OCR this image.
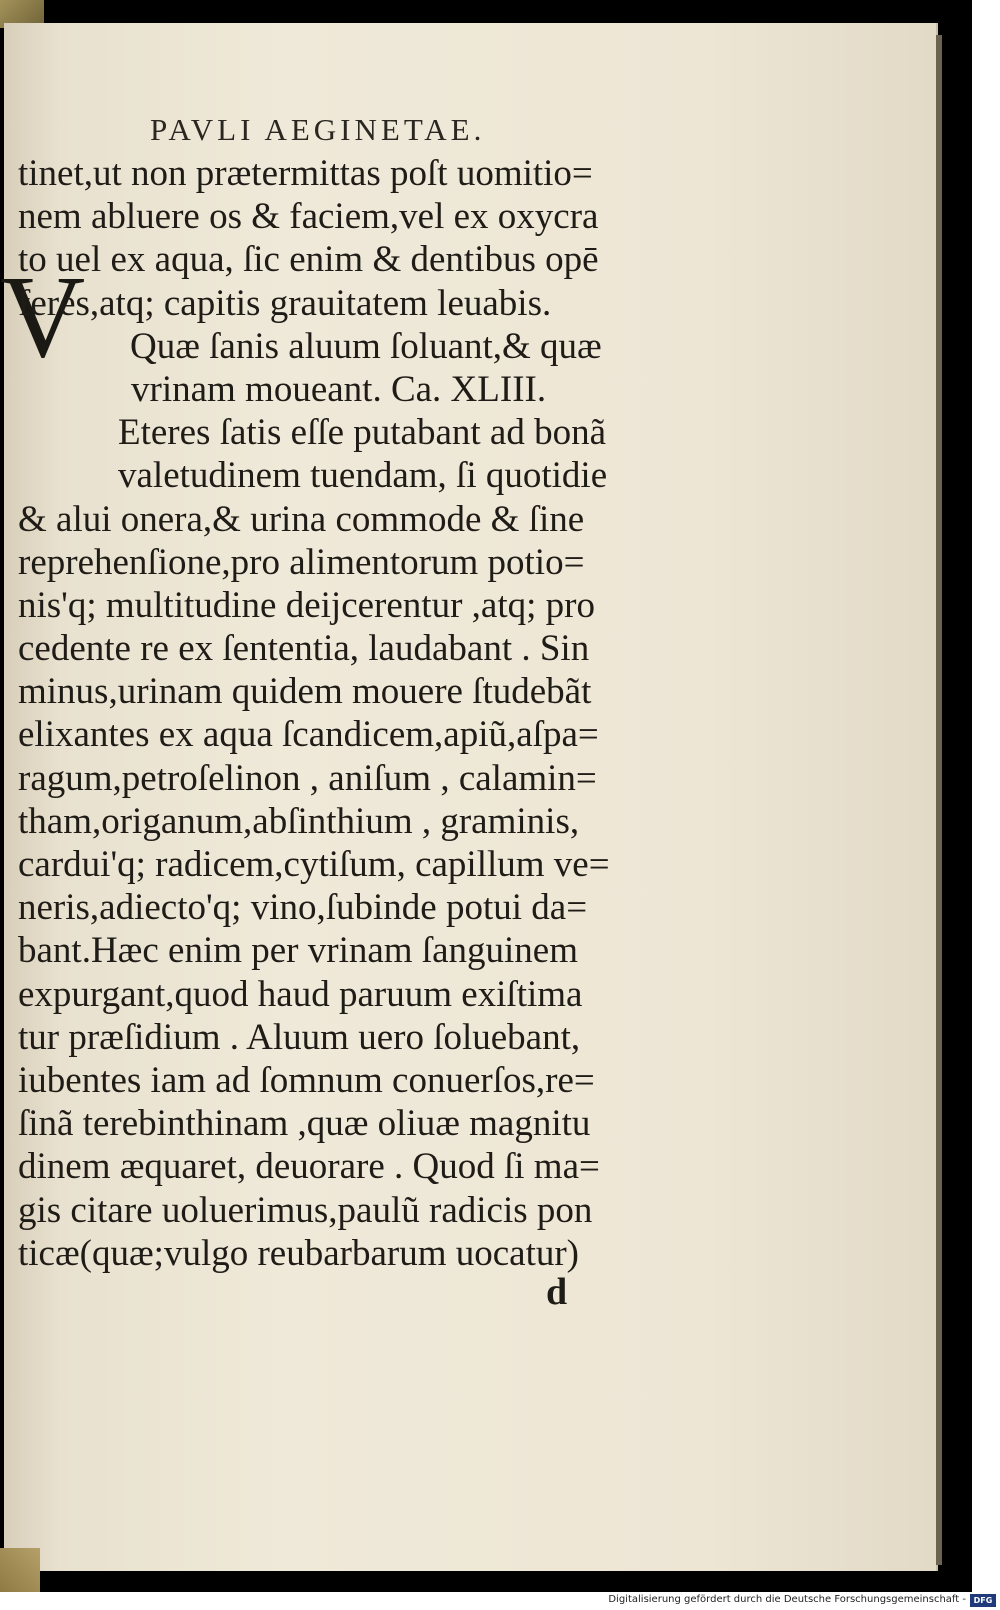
PAVLI AEGINETAE.
V
tinet,ut non prætermittas poſt uomitio=
nem abluere os & faciem,vel ex oxycra
to uel ex aqua, ſic enim & dentibus opē
feres,atq; capitis grauitatem leuabis.
Quæ ſanis aluum ſoluant,& quæ
vrinam moueant. Ca. XLIII.
Eteres ſatis eſſe putabant ad bonã
valetudinem tuendam, ſi quotidie
& alui onera,& urina commode & ſine
reprehenſione,pro alimentorum potio=
nis'q; multitudine deijcerentur ,atq; pro
cedente re ex ſententia, laudabant . Sin
minus,urinam quidem mouere ſtudebãt
elixantes ex aqua ſcandicem,apiũ,aſpa=
ragum,petroſelinon , aniſum , calamin=
tham,origanum,abſinthium , graminis,
cardui'q; radicem,cytiſum, capillum ve=
neris,adiecto'q; vino,ſubinde potui da=
bant.Hæc enim per vrinam ſanguinem
expurgant,quod haud paruum exiſtima
tur præſidium . Aluum uero ſoluebant,
iubentes iam ad ſomnum conuerſos,re=
ſinã terebinthinam ,quæ oliuæ magnitu
dinem æquaret, deuorare . Quod ſi ma=
gis citare uoluerimus,paulũ radicis pon
ticæ(quæ;vulgo reubarbarum uocatur)
d
Digitalisierung gefördert durch die Deutsche Forschungsgemeinschaft - DFG
